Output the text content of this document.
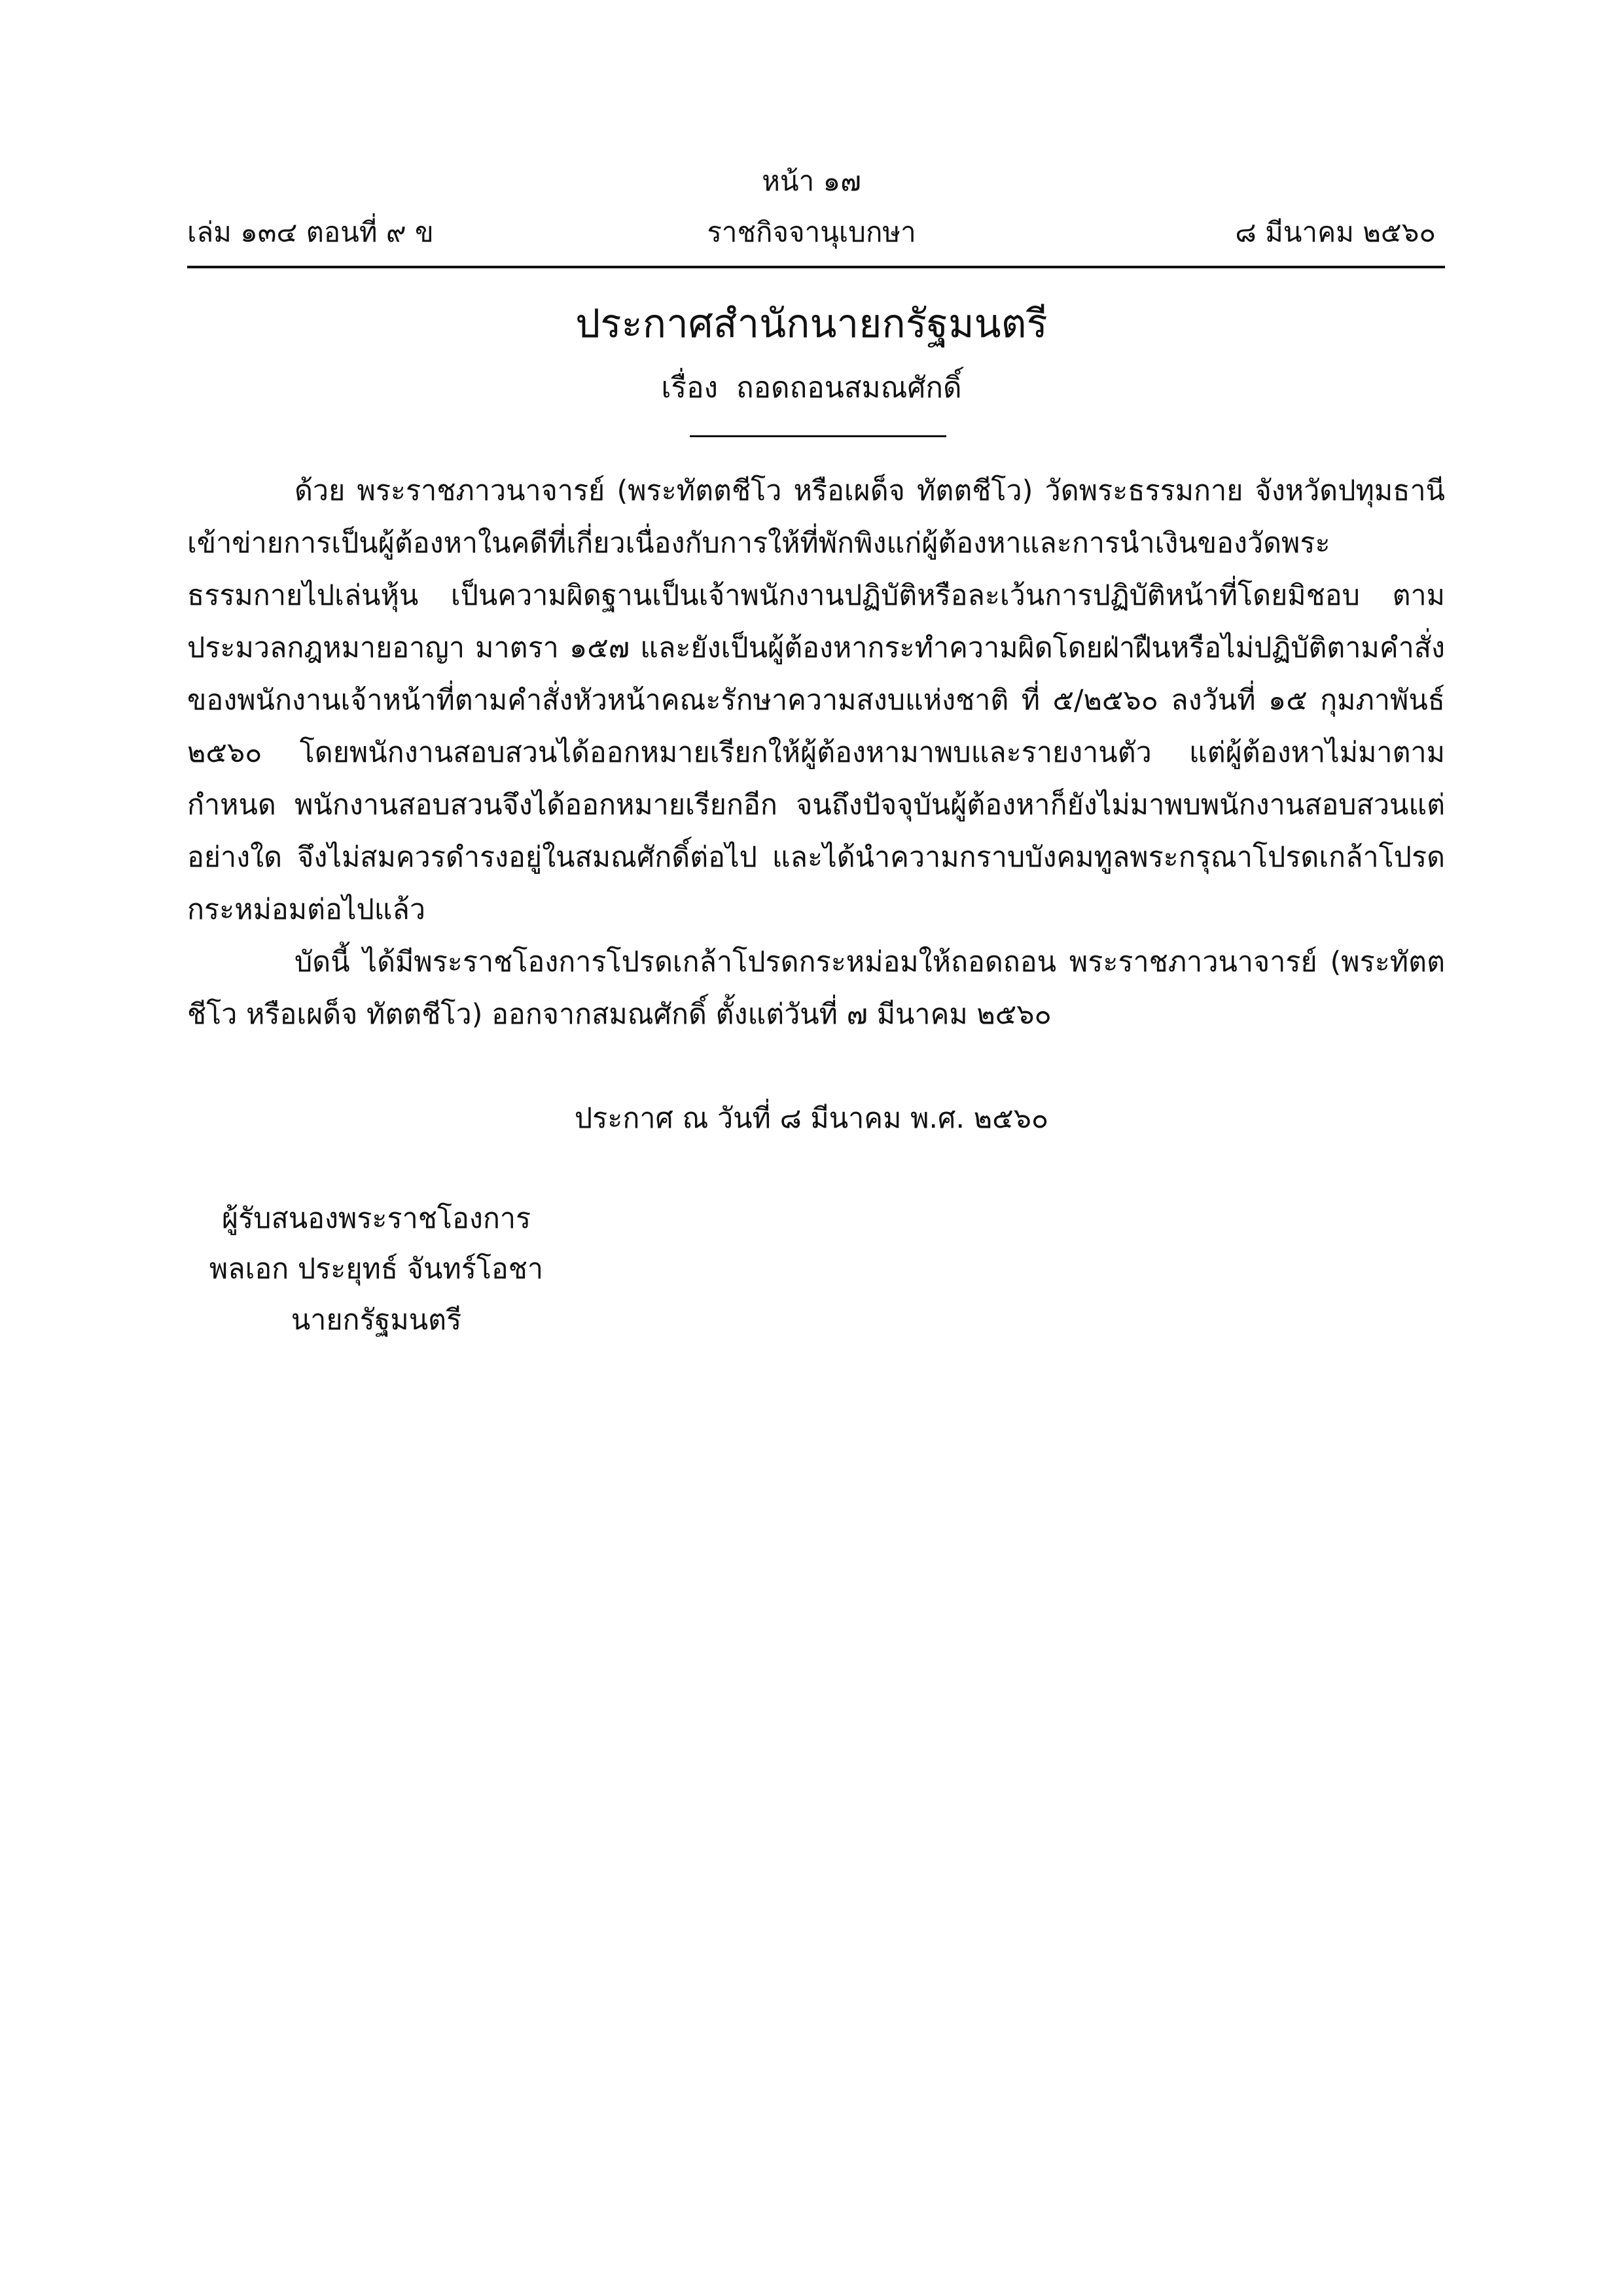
หน้า ๑๗
เล่ม ๑๓๔ ตอนที่ ๙ ข	ราชกิจจานุเบกษา	๘ มีนาคม ๒๕๖๐
ประกาศสำนักนายกรัฐมนตรี
เรื่อง ถอดถอนสมณศักดิ์

ด้วย พระราชภาวนาจารย์ (พระทัตตชีโว หรือเผด็จ ทัตตชีโว) วัดพระธรรมกาย จังหวัดปทุมธานี เข้าข่ายการเป็นผู้ต้องหาในคดีที่เกี่ยวเนื่องกับการให้ที่พักพิงแก่ผู้ต้องหาและการนำเงินของวัดพระธรรมกายไปเล่นหุ้น เป็นความผิดฐานเป็นเจ้าพนักงานปฏิบัติหรือละเว้นการปฏิบัติหน้าที่โดยมิชอบ ตามประมวลกฎหมายอาญา มาตรา ๑๕๗ และยังเป็นผู้ต้องหากระทำความผิดโดยฝ่าฝืนหรือไม่ปฏิบัติตามคำสั่งของพนักงานเจ้าหน้าที่ตามคำสั่งหัวหน้าคณะรักษาความสงบแห่งชาติ ที่ ๕/๒๕๖๐ ลงวันที่ ๑๕ กุมภาพันธ์ ๒๕๖๐ โดยพนักงานสอบสวนได้ออกหมายเรียกให้ผู้ต้องหามาพบและรายงานตัว แต่ผู้ต้องหาไม่มาตามกำหนด พนักงานสอบสวนจึงได้ออกหมายเรียกอีก จนถึงปัจจุบันผู้ต้องหาก็ยังไม่มาพบพนักงานสอบสวนแต่อย่างใด จึงไม่สมควรดำรงอยู่ในสมณศักดิ์ต่อไป และได้นำความกราบบังคมทูลพระกรุณาโปรดเกล้าโปรดกระหม่อมต่อไปแล้ว

บัดนี้ ได้มีพระราชโองการโปรดเกล้าโปรดกระหม่อมให้ถอดถอน พระราชภาวนาจารย์ (พระทัตตชีโว หรือเผด็จ ทัตตชีโว) ออกจากสมณศักดิ์ ตั้งแต่วันที่ ๗ มีนาคม ๒๕๖๐

ประกาศ ณ วันที่ ๘ มีนาคม พ.ศ. ๒๕๖๐
ผู้รับสนองพระราชโองการ
พลเอก ประยุทธ์ จันทร์โอชา
นายกรัฐมนตรี
